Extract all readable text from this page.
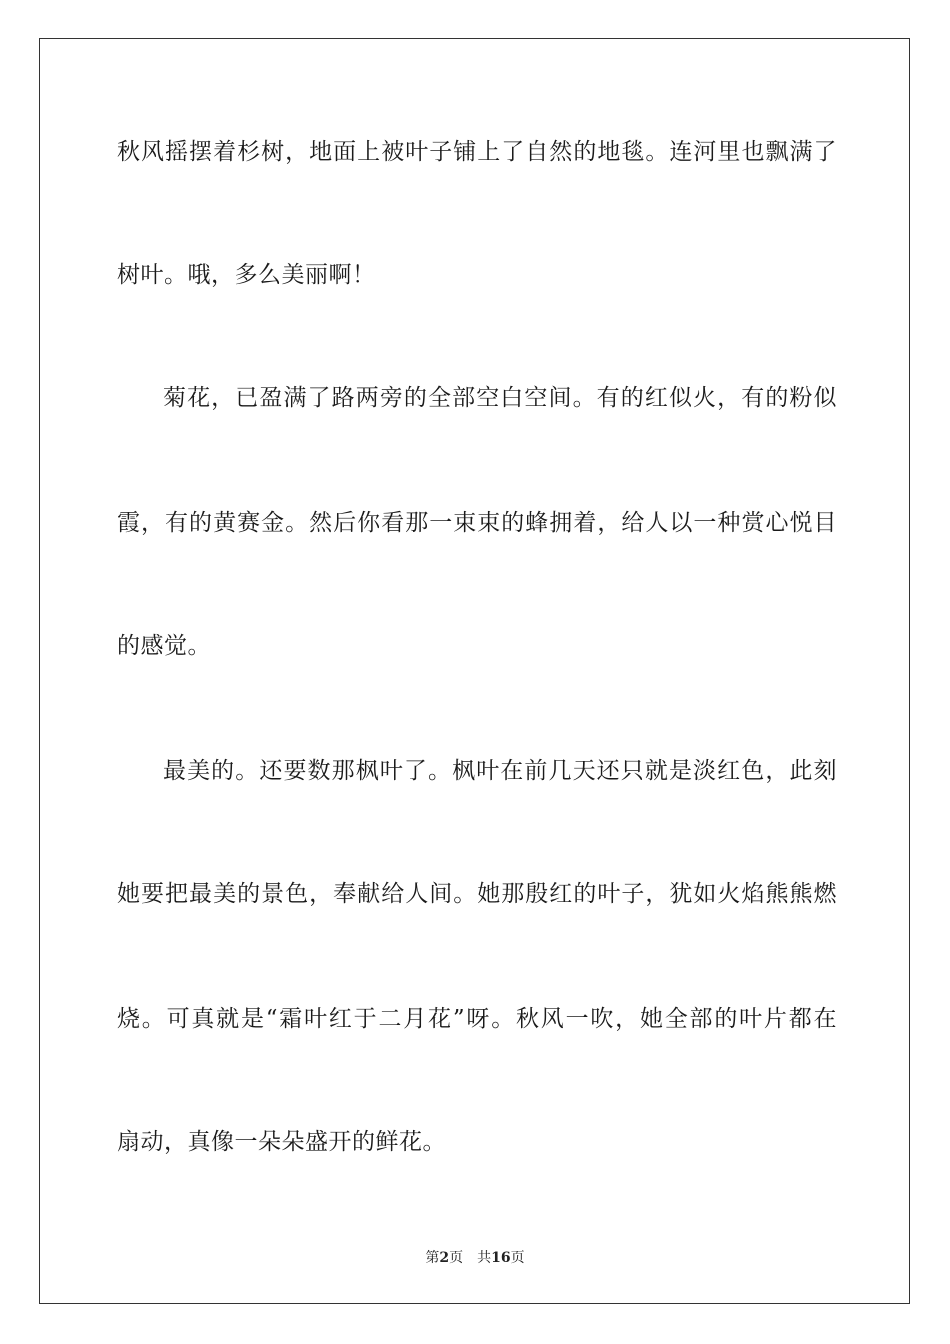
秋风摇摆着杉树，地面上被叶子铺上了自然的地毯。连河里也飘满了

树叶。哦，多么美丽啊！

菊花，已盈满了路两旁的全部空白空间。有的红似火，有的粉似

霞，有的黄赛金。然后你看那一束束的蜂拥着，给人以一种赏心悦目

的感觉。

最美的。还要数那枫叶了。枫叶在前几天还只就是淡红色，此刻

她要把最美的景色，奉献给人间。她那殷红的叶子，犹如火焰熊熊燃

烧。可真就是“霜叶红于二月花”呀。秋风一吹，她全部的叶片都在

扇动，真像一朵朵盛开的鲜花。

第2页 共16页
